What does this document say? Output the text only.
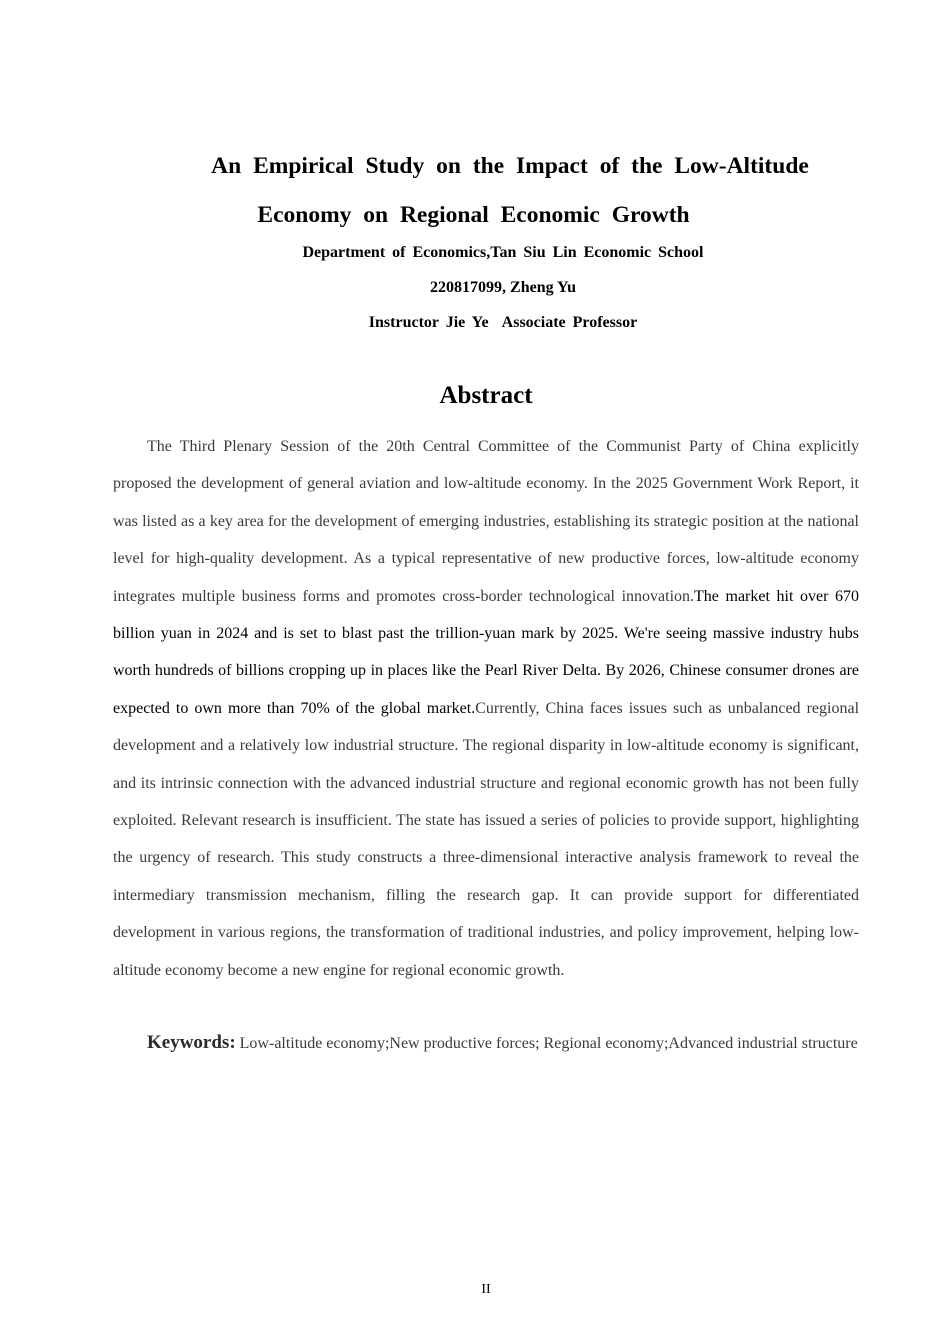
An Empirical Study on the Impact of the Low-Altitude
Economy on Regional Economic Growth
Department of Economics,Tan Siu Lin Economic School
220817099, Zheng Yu
Instructor Jie Ye  Associate Professor
Abstract

The Third Plenary Session of the 20th Central Committee of the Communist Party of China explicitly proposed the development of general aviation and low-altitude economy. In the 2025 Government Work Report, it was listed as a key area for the development of emerging industries, establishing its strategic position at the national level for high-quality development. As a typical representative of new productive forces, low-altitude economy integrates multiple business forms and promotes cross-border technological innovation.The market hit over 670 billion yuan in 2024 and is set to blast past the trillion-yuan mark by 2025. We're seeing massive industry hubs worth hundreds of billions cropping up in places like the Pearl River Delta. By 2026, Chinese consumer drones are expected to own more than 70% of the global market.Currently, China faces issues such as unbalanced regional development and a relatively low industrial structure. The regional disparity in low-altitude economy is significant, and its intrinsic connection with the advanced industrial structure and regional economic growth has not been fully exploited. Relevant research is insufficient. The state has issued a series of policies to provide support, highlighting the urgency of research. This study constructs a three-dimensional interactive analysis framework to reveal the intermediary transmission mechanism, filling the research gap. It can provide support for differentiated development in various regions, the transformation of traditional industries, and policy improvement, helping low-altitude economy become a new engine for regional economic growth.

Keywords: Low-altitude economy;New productive forces; Regional economy;Advanced industrial structure

II
